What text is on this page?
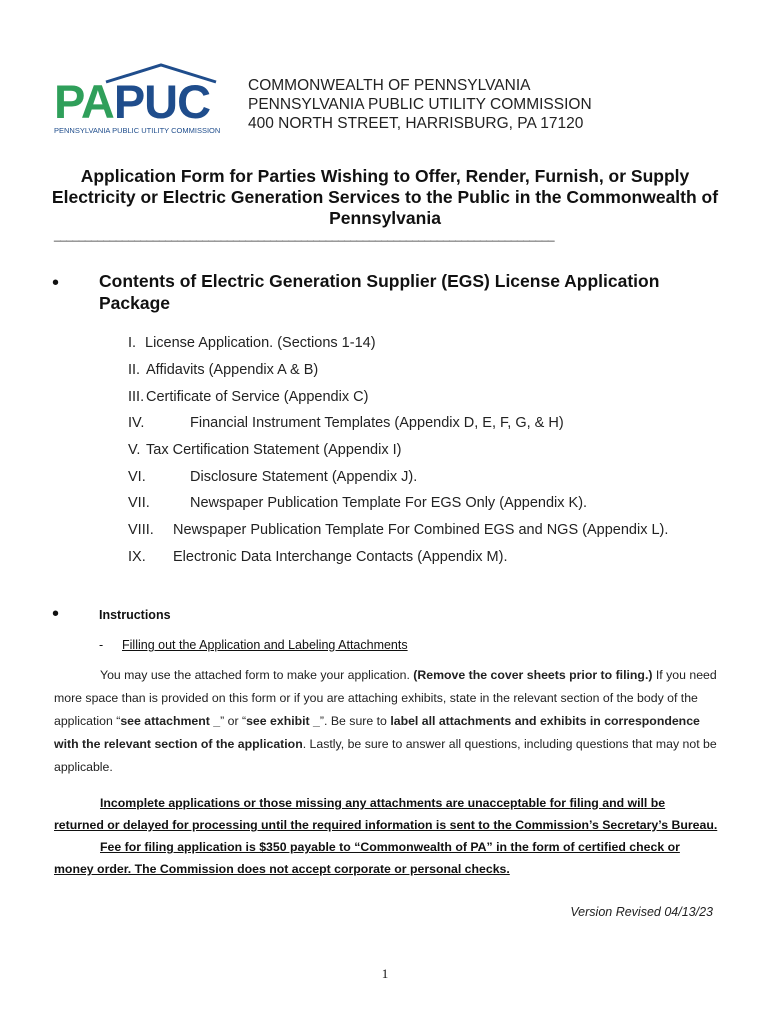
PAPUC
PENNSYLVANIA PUBLIC UTILITY COMMISSION
COMMONWEALTH OF PENNSYLVANIA
PENNSYLVANIA PUBLIC UTILITY COMMISSION
400 NORTH STREET, HARRISBURG, PA 17120
Application Form for Parties Wishing to Offer, Render, Furnish, or Supply Electricity or Electric Generation Services to the Public in the Commonwealth of Pennsylvania
_________________________________________________________________________________
• Contents of Electric Generation Supplier (EGS) License Application Package
I. License Application. (Sections 1-14)
II. Affidavits (Appendix A & B)
III. Certificate of Service (Appendix C)
IV.	Financial Instrument Templates (Appendix D, E, F, G, & H)
V. Tax Certification Statement (Appendix I)
VI.	Disclosure Statement (Appendix J).
VII.	Newspaper Publication Template For EGS Only (Appendix K).
VIII. Newspaper Publication Template For Combined EGS and NGS (Appendix L).
IX. Electronic Data Interchange Contacts (Appendix M).
•	Instructions
- Filling out the Application and Labeling Attachments
You may use the attached form to make your application. (Remove the cover sheets prior to filing.) If you need more space than is provided on this form or if you are attaching exhibits, state in the relevant section of the body of the application “see attachment _” or “see exhibit _”. Be sure to label all attachments and exhibits in correspondence with the relevant section of the application. Lastly, be sure to answer all questions, including questions that may not be applicable.
Incomplete applications or those missing any attachments are unacceptable for filing and will be returned or delayed for processing until the required information is sent to the Commission’s Secretary’s Bureau.
Fee for filing application is $350 payable to “Commonwealth of PA” in the form of certified check or money order. The Commission does not accept corporate or personal checks.
Version Revised 04/13/23
1
